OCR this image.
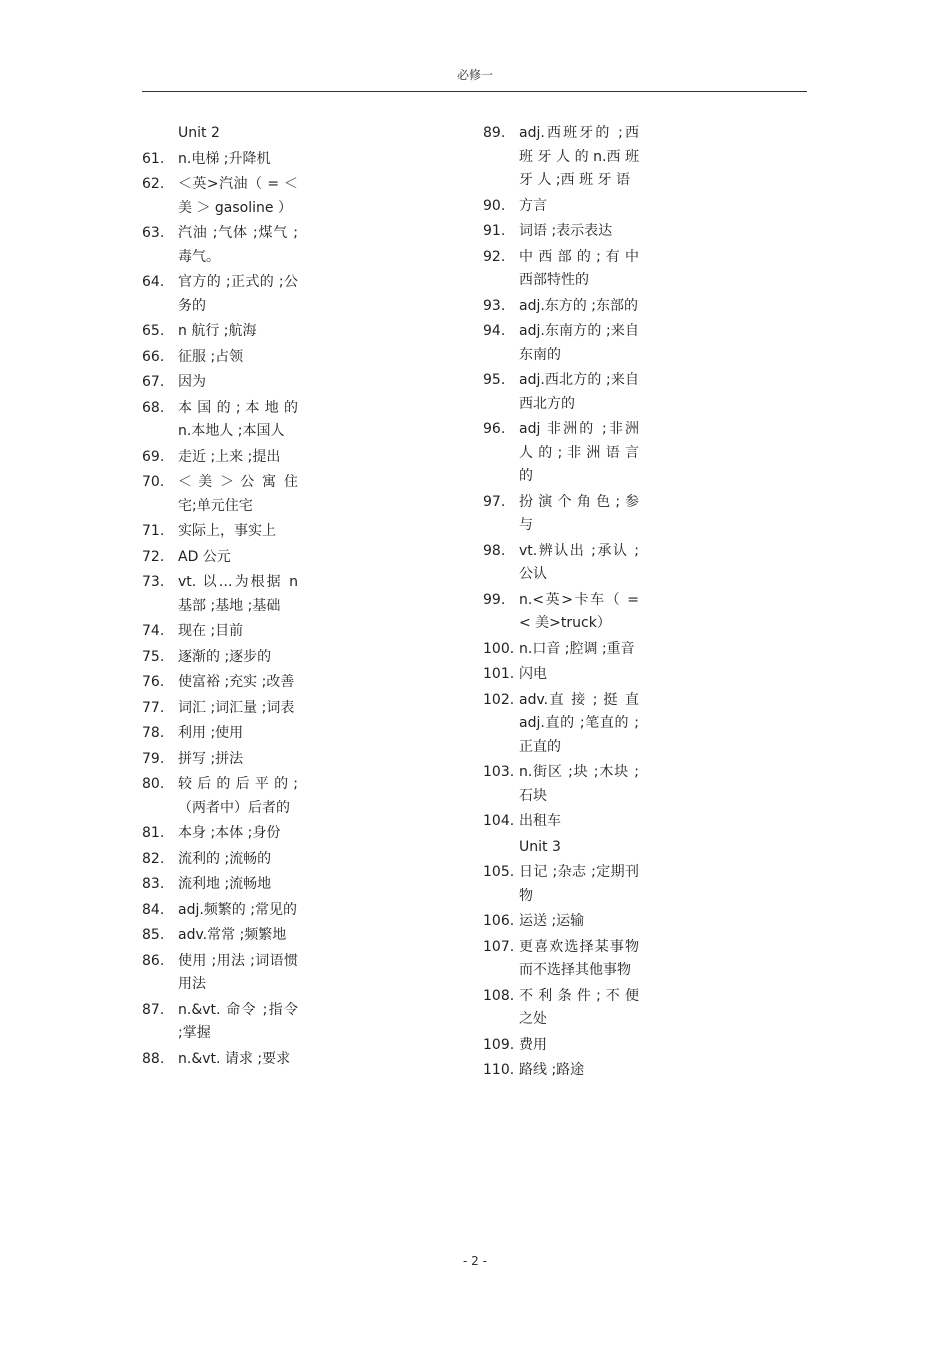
必修一
Unit 2
61. n.电梯 ;升降机
62. ＜英>汽油（ = ＜ 美 ＞ gasoline ）
63. 汽油 ;气体 ;煤气 ;毒气。
64. 官方的 ;正式的 ;公务的
65. n 航行 ;航海
66. 征服 ;占领
67. 因为
68. 本 国 的 ; 本 地 的 n.本地人 ;本国人
69. 走近 ;上来 ;提出
70. ＜ 美 ＞ 公 寓 住 宅;单元住宅
71. 实际上，事实上
72. AD 公元
73. vt. 以…为根据 n 基部 ;基地 ;基础
74. 现在 ;目前
75. 逐渐的 ;逐步的
76. 使富裕 ;充实 ;改善
77. 词汇 ;词汇量 ;词表
78. 利用 ;使用
79. 拼写 ;拼法
80. 较 后 的 后 平 的 ;（两者中）后者的
81. 本身 ;本体 ;身份
82. 流利的 ;流畅的
83. 流利地 ;流畅地
84. adj.频繁的 ;常见的
85. adv.常常 ;频繁地
86. 使用 ;用法 ;词语惯用法
87. n.&vt. 命令 ;指令 ;掌握
88. n.&vt. 请求 ;要求
89. adj.西班牙的 ;西 班 牙 人 的 n.西 班 牙 人 ;西 班 牙 语
90. 方言
91. 词语 ;表示表达
92. 中 西 部 的 ; 有 中 西部特性的
93. adj.东方的 ;东部的
94. adj.东南方的 ;来自东南的
95. adj.西北方的 ;来自西北方的
96. adj 非洲的 ;非洲 人 的 ; 非 洲 语 言 的
97. 扮 演 个 角 色 ; 参 与
98. vt.辨认出 ;承认 ;公认
99. n.<英>卡车（ =< 美>truck）
100. n.口音 ;腔调 ;重音
101. 闪电
102. adv.直 接 ; 挺 直 adj.直的 ;笔直的 ;正直的
103. n.街区 ;块 ;木块 ;石块
104. 出租车
Unit 3
105. 日记 ;杂志 ;定期刊物
106. 运送 ;运输
107. 更喜欢选择某事物而不选择其他事物
108. 不 利 条 件 ; 不 便 之处
109. 费用
110. 路线 ;路途
- 2 -
